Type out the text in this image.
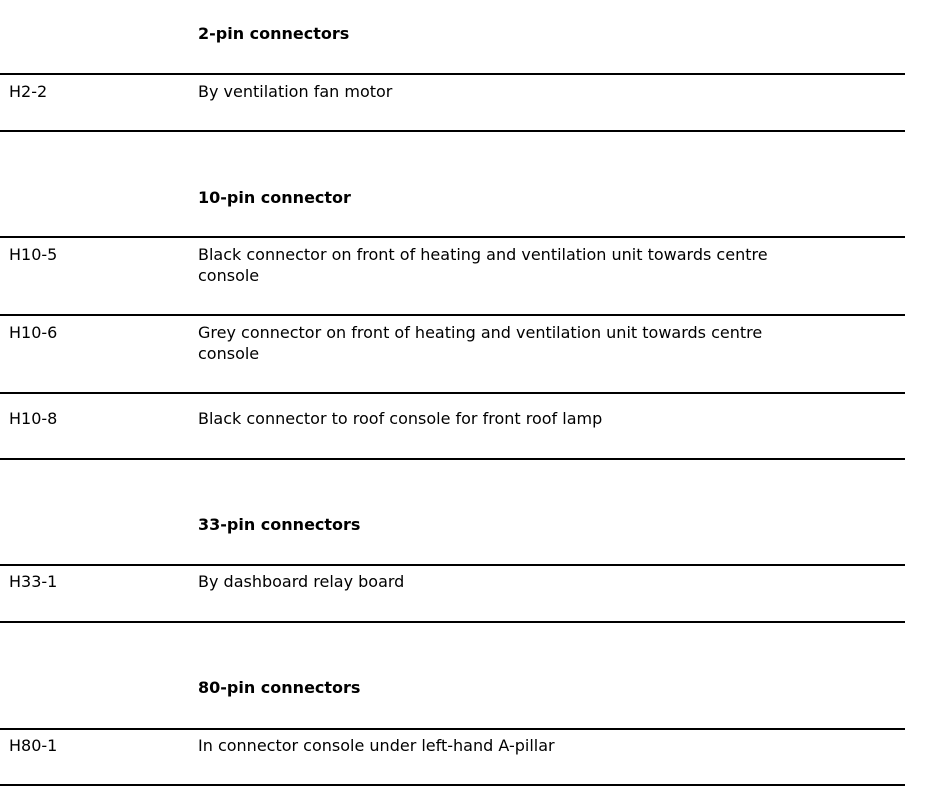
2-pin connectors
H2-2	By ventilation fan motor
10-pin connector
H10-5	Black connector on front of heating and ventilation unit towards centre console
H10-6	Grey connector on front of heating and ventilation unit towards centre console
H10-8	Black connector to roof console for front roof lamp
33-pin connectors
H33-1	By dashboard relay board
80-pin connectors
H80-1	In connector console under left-hand A-pillar
